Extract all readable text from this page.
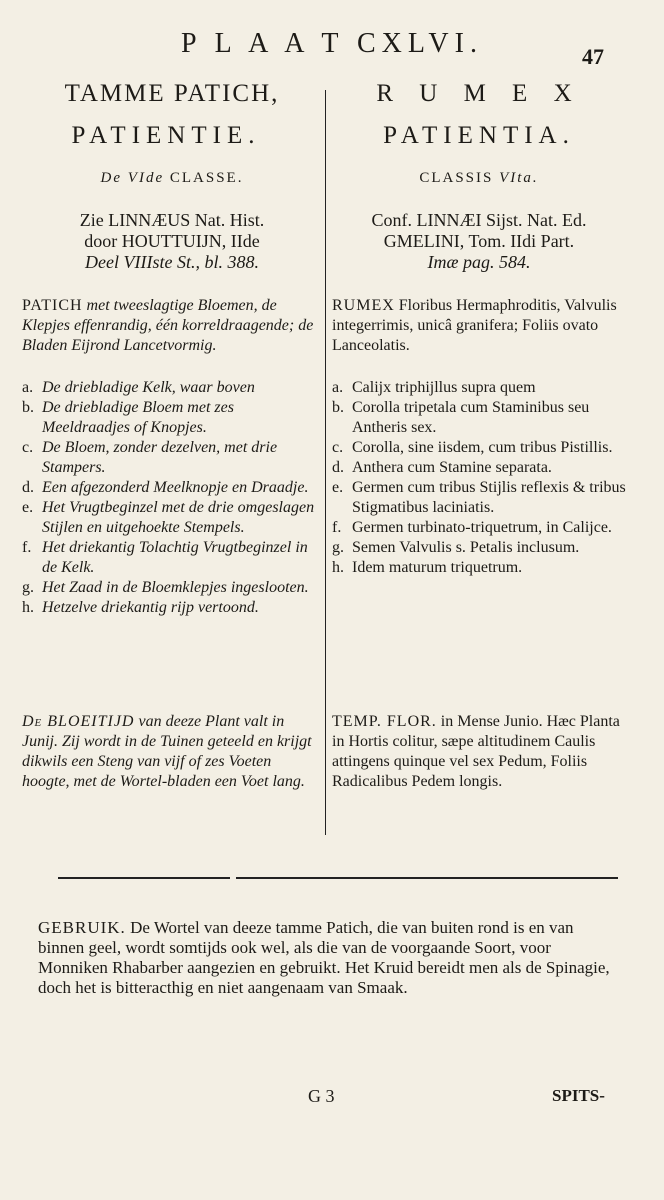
P L A A T CXLVI.	47
TAMME PATICH,
PATIENTIE.
De VIde CLASSE.
Zie LINNÆUS Nat. Hist.
door HOUTTUIJN, IIde
Deel VIIIste St., bl. 388.
PATICH met tweeslagtige Bloemen, de Klepjes effenrandig, één korreldraagende; de Bladen Eijrond Lancetvormig.
a. De driebladige Kelk, waar boven
b. De driebladige Bloem met zes Meeldraadjes of Knopjes.
c. De Bloem, zonder dezelven, met drie Stampers.
d. Een afgezonderd Meelknopje en Draadje.
e. Het Vrugtbeginzel met de drie omgeslagen Stijlen en uitgehoekte Stempels.
f. Het driekantig Tolachtig Vrugtbeginzel in de Kelk.
g. Het Zaad in de Bloemklepjes ingeslooten.
h. Hetzelve driekantig rijp vertoond.
De BLOEITIJD van deeze Plant valt in Junij. Zij wordt in de Tuinen geteeld en krijgt dikwils een Steng van vijf of zes Voeten hoogte, met de Wortel-bladen een Voet lang.
R U M E X
PATIENTIA.
CLASSIS VIta.
Conf. LINNÆI Sijst. Nat. Ed.
GMELINI, Tom. IIdi Part.
Imæ pag. 584.
RUMEX Floribus Hermaphroditis, Valvulis integerrimis, unicâ granifera; Foliis ovato Lanceolatis.
a. Calijx triphijllus supra quem
b. Corolla tripetala cum Staminibus seu Antheris sex.
c. Corolla, sine iisdem, cum tribus Pistillis.
d. Anthera cum Stamine separata.
e. Germen cum tribus Stijlis reflexis & tribus Stigmatibus laciniatis.
f. Germen turbinato-triquetrum, in Calijce.
g. Semen Valvulis s. Petalis inclusum.
h. Idem maturum triquetrum.
TEMP. FLOR. in Mense Junio. Hæc Planta in Hortis colitur, sæpe altitudinem Caulis attingens quinque vel sex Pedum, Foliis Radicalibus Pedem longis.
GEBRUIK. De Wortel van deeze tamme Patich, die van buiten rond is en van binnen geel, wordt somtijds ook wel, als die van de voorgaande Soort, voor Monniken Rhabarber aangezien en gebruikt. Het Kruid bereidt men als de Spinagie, doch het is bitteracthig en niet aangenaam van Smaak.
G 3	SPITS-
